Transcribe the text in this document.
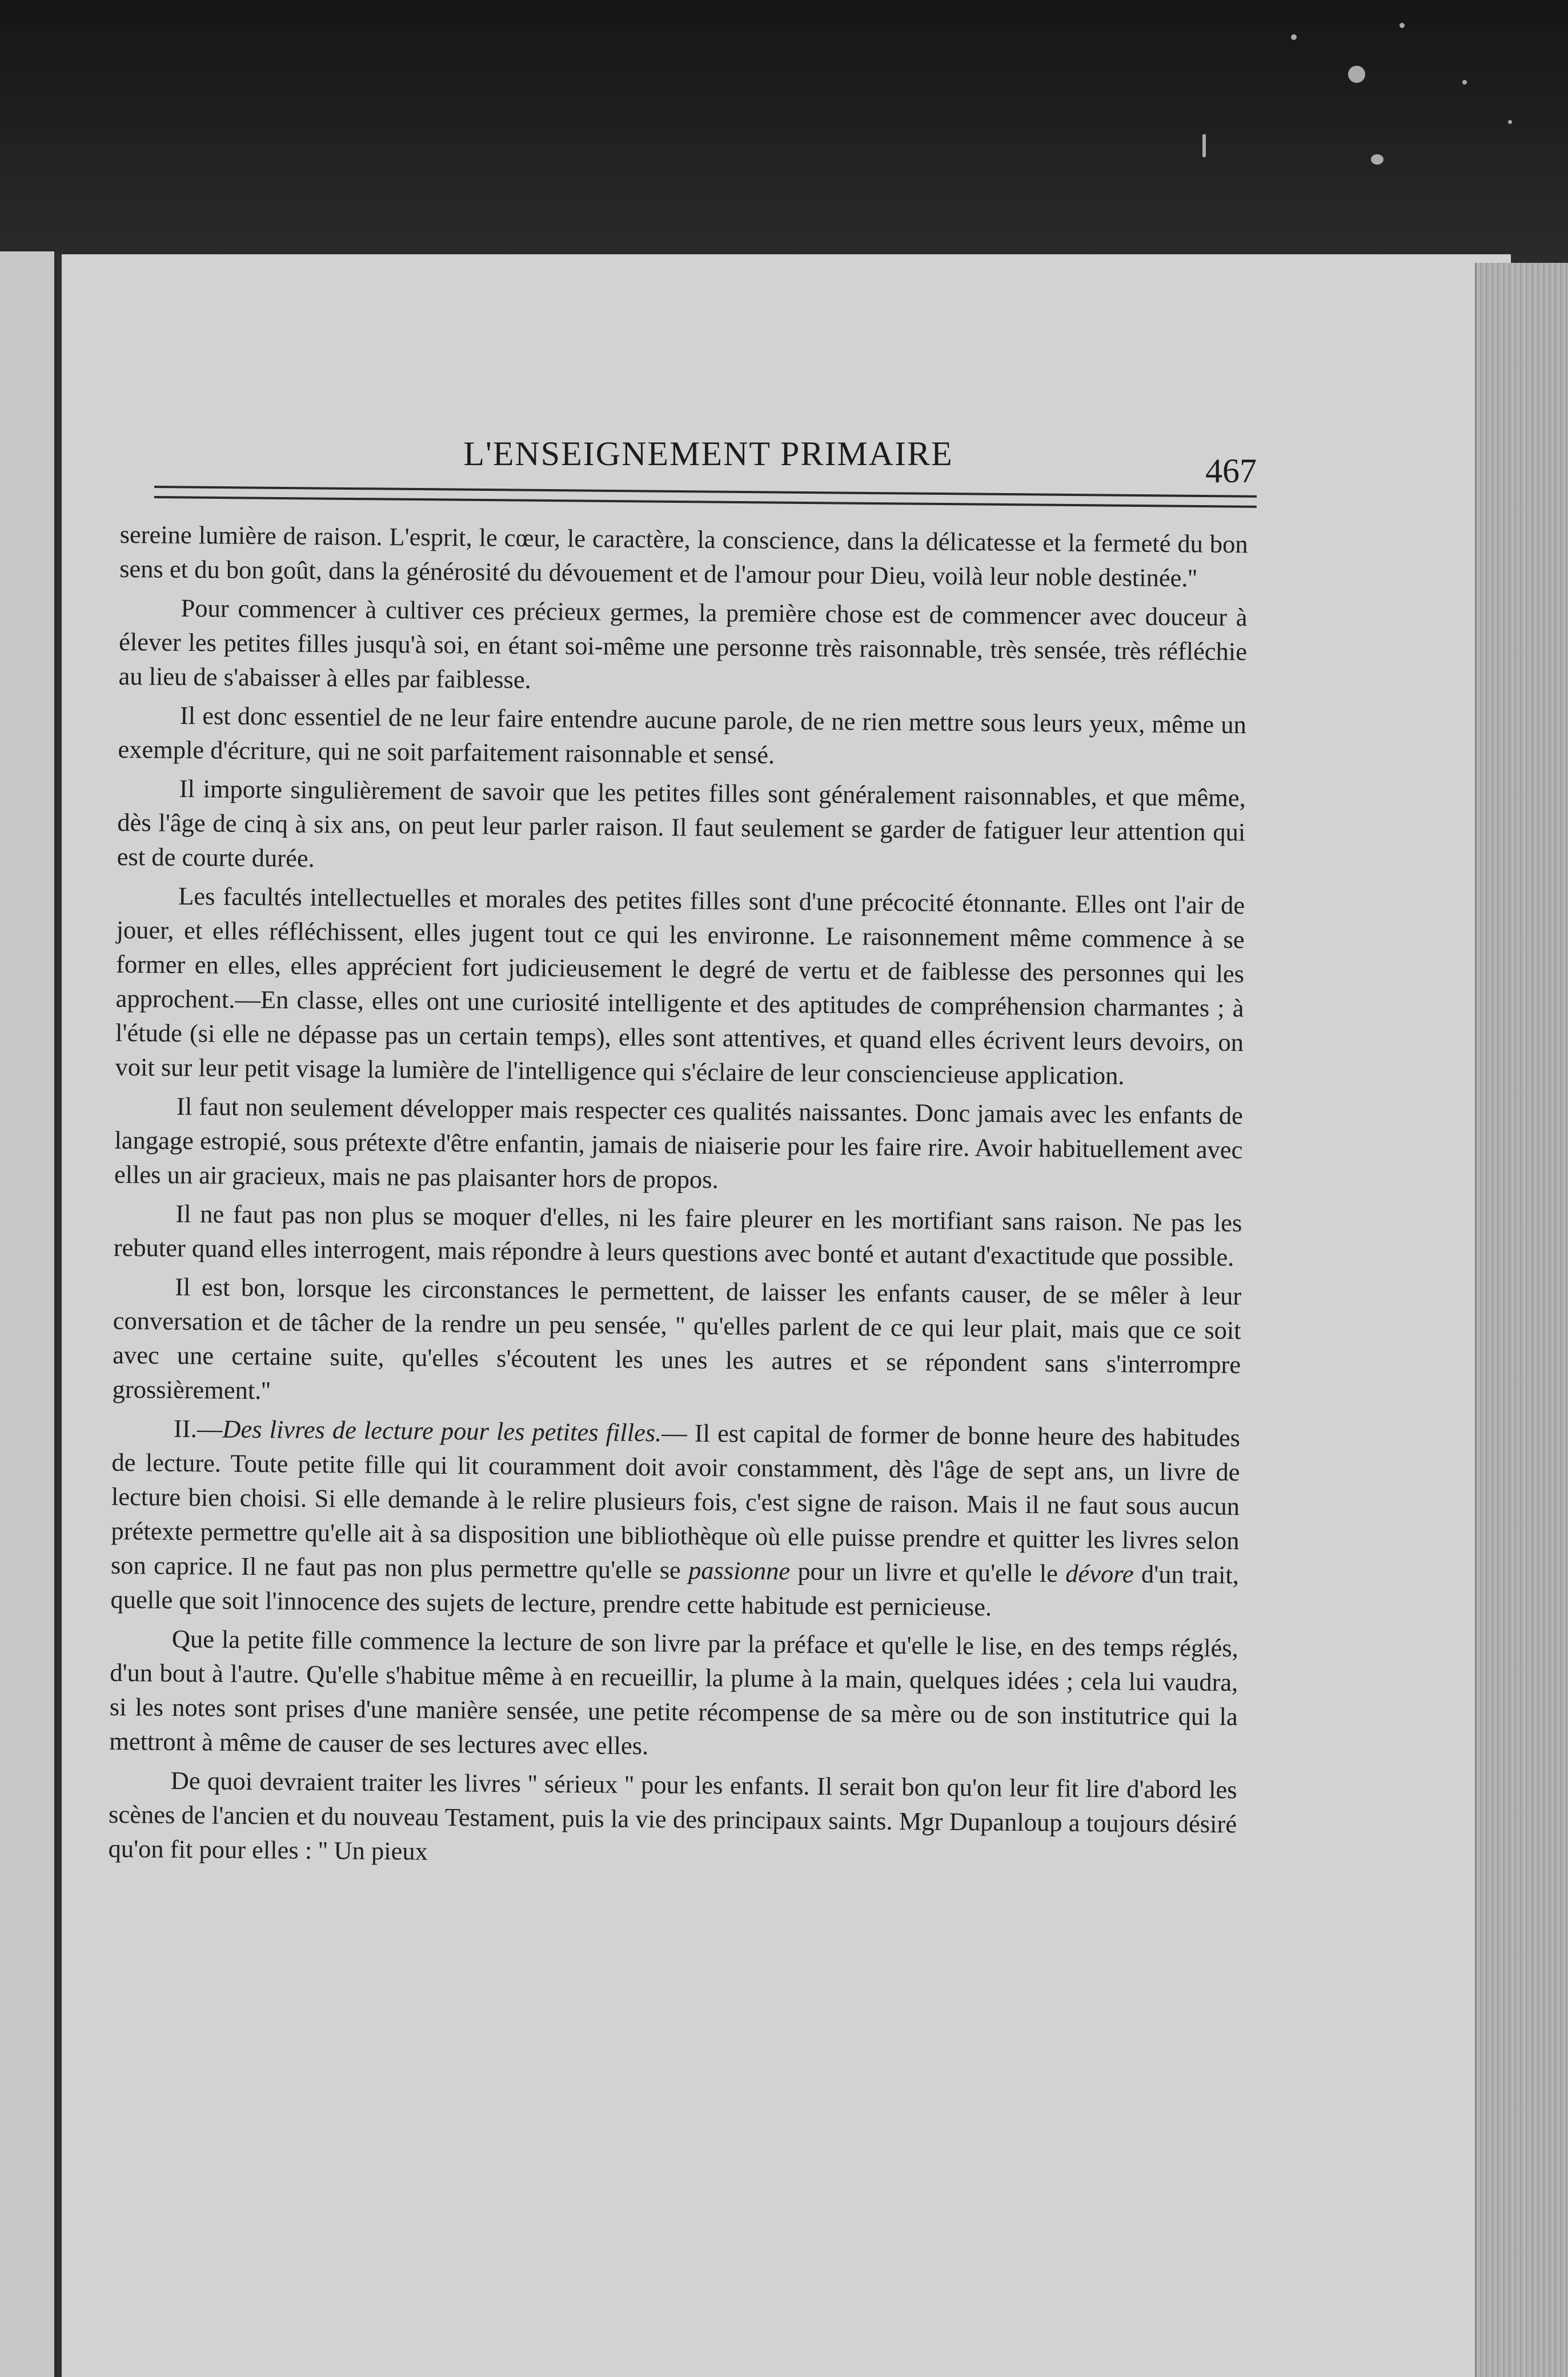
L'ENSEIGNEMENT PRIMAIRE	467

sereine lumière de raison. L'esprit, le cœur, le caractère, la conscience, dans la délicatesse et la fermeté du bon sens et du bon goût, dans la générosité du dévouement et de l'amour pour Dieu, voilà leur noble destinée.''

Pour commencer à cultiver ces précieux germes, la première chose est de commencer avec douceur à élever les petites filles jusqu'à soi, en étant soi-même une personne très raisonnable, très sensée, très réfléchie au lieu de s'abaisser à elles par faiblesse.

Il est donc essentiel de ne leur faire entendre aucune parole, de ne rien mettre sous leurs yeux, même un exemple d'écriture, qui ne soit parfaitement raisonnable et sensé.

Il importe singulièrement de savoir que les petites filles sont généralement raisonnables, et que même, dès l'âge de cinq à six ans, on peut leur parler raison. Il faut seulement se garder de fatiguer leur attention qui est de courte durée.

Les facultés intellectuelles et morales des petites filles sont d'une précocité étonnante. Elles ont l'air de jouer, et elles réfléchissent, elles jugent tout ce qui les environne. Le raisonnement même commence à se former en elles, elles apprécient fort judicieusement le degré de vertu et de faiblesse des personnes qui les approchent.—En classe, elles ont une curiosité intelligente et des aptitudes de compréhension charmantes ; à l'étude (si elle ne dépasse pas un certain temps), elles sont attentives, et quand elles écrivent leurs devoirs, on voit sur leur petit visage la lumière de l'intelligence qui s'éclaire de leur consciencieuse application.

Il faut non seulement développer mais respecter ces qualités naissantes. Donc jamais avec les enfants de langage estropié, sous prétexte d'être enfantin, jamais de niaiserie pour les faire rire. Avoir habituellement avec elles un air gracieux, mais ne pas plaisanter hors de propos.

Il ne faut pas non plus se moquer d'elles, ni les faire pleurer en les mortifiant sans raison. Ne pas les rebuter quand elles interrogent, mais répondre à leurs questions avec bonté et autant d'exactitude que possible.

Il est bon, lorsque les circonstances le permettent, de laisser les enfants causer, de se mêler à leur conversation et de tâcher de la rendre un peu sensée, '' qu'elles parlent de ce qui leur plait, mais que ce soit avec une certaine suite, qu'elles s'écoutent les unes les autres et se répondent sans s'interrompre grossièrement.''

II.—Des livres de lecture pour les petites filles.— Il est capital de former de bonne heure des habitudes de lecture. Toute petite fille qui lit couramment doit avoir constamment, dès l'âge de sept ans, un livre de lecture bien choisi. Si elle demande à le relire plusieurs fois, c'est signe de raison. Mais il ne faut sous aucun prétexte permettre qu'elle ait à sa disposition une bibliothèque où elle puisse prendre et quitter les livres selon son caprice. Il ne faut pas non plus permettre qu'elle se passionne pour un livre et qu'elle le dévore d'un trait, quelle que soit l'innocence des sujets de lecture, prendre cette habitude est pernicieuse.

Que la petite fille commence la lecture de son livre par la préface et qu'elle le lise, en des temps réglés, d'un bout à l'autre. Qu'elle s'habitue même à en recueillir, la plume à la main, quelques idées ; cela lui vaudra, si les notes sont prises d'une manière sensée, une petite récompense de sa mère ou de son institutrice qui la mettront à même de causer de ses lectures avec elles.

De quoi devraient traiter les livres '' sérieux '' pour les enfants. Il serait bon qu'on leur fit lire d'abord les scènes de l'ancien et du nouveau Testament, puis la vie des principaux saints. Mgr Dupanloup a toujours désiré qu'on fit pour elles : '' Un pieux
